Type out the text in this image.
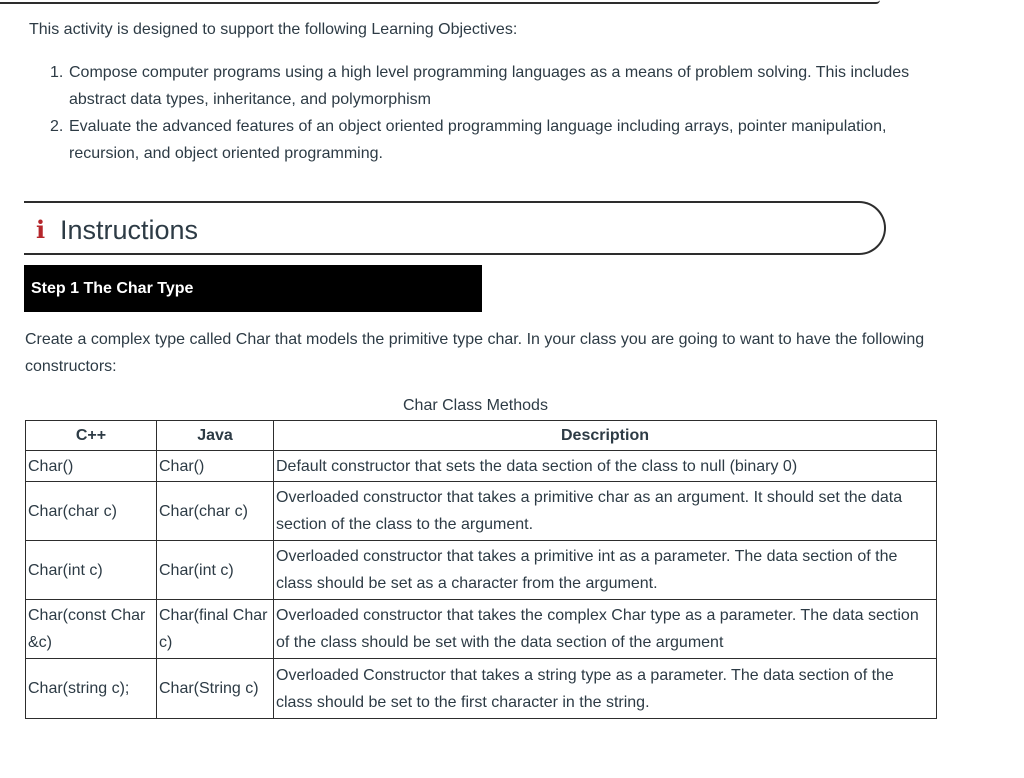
This activity is designed to support the following Learning Objectives:
1. Compose computer programs using a high level programming languages as a means of problem solving. This includes abstract data types, inheritance, and polymorphism
2. Evaluate the advanced features of an object oriented programming language including arrays, pointer manipulation, recursion, and object oriented programming.
i Instructions
Step 1 The Char Type
Create a complex type called Char that models the primitive type char. In your class you are going to want to have the following constructors:
Char Class Methods
C++	Java	Description
Char()	Char()	Default constructor that sets the data section of the class to null (binary 0)
Char(char c)	Char(char c)	Overloaded constructor that takes a primitive char as an argument. It should set the data section of the class to the argument.
Char(int c)	Char(int c)	Overloaded constructor that takes a primitive int as a parameter. The data section of the class should be set as a character from the argument.
Char(const Char &c)	Char(final Char c)	Overloaded constructor that takes the complex Char type as a parameter. The data section of the class should be set with the data section of the argument
Char(string c);	Char(String c)	Overloaded Constructor that takes a string type as a parameter. The data section of the class should be set to the first character in the string.
